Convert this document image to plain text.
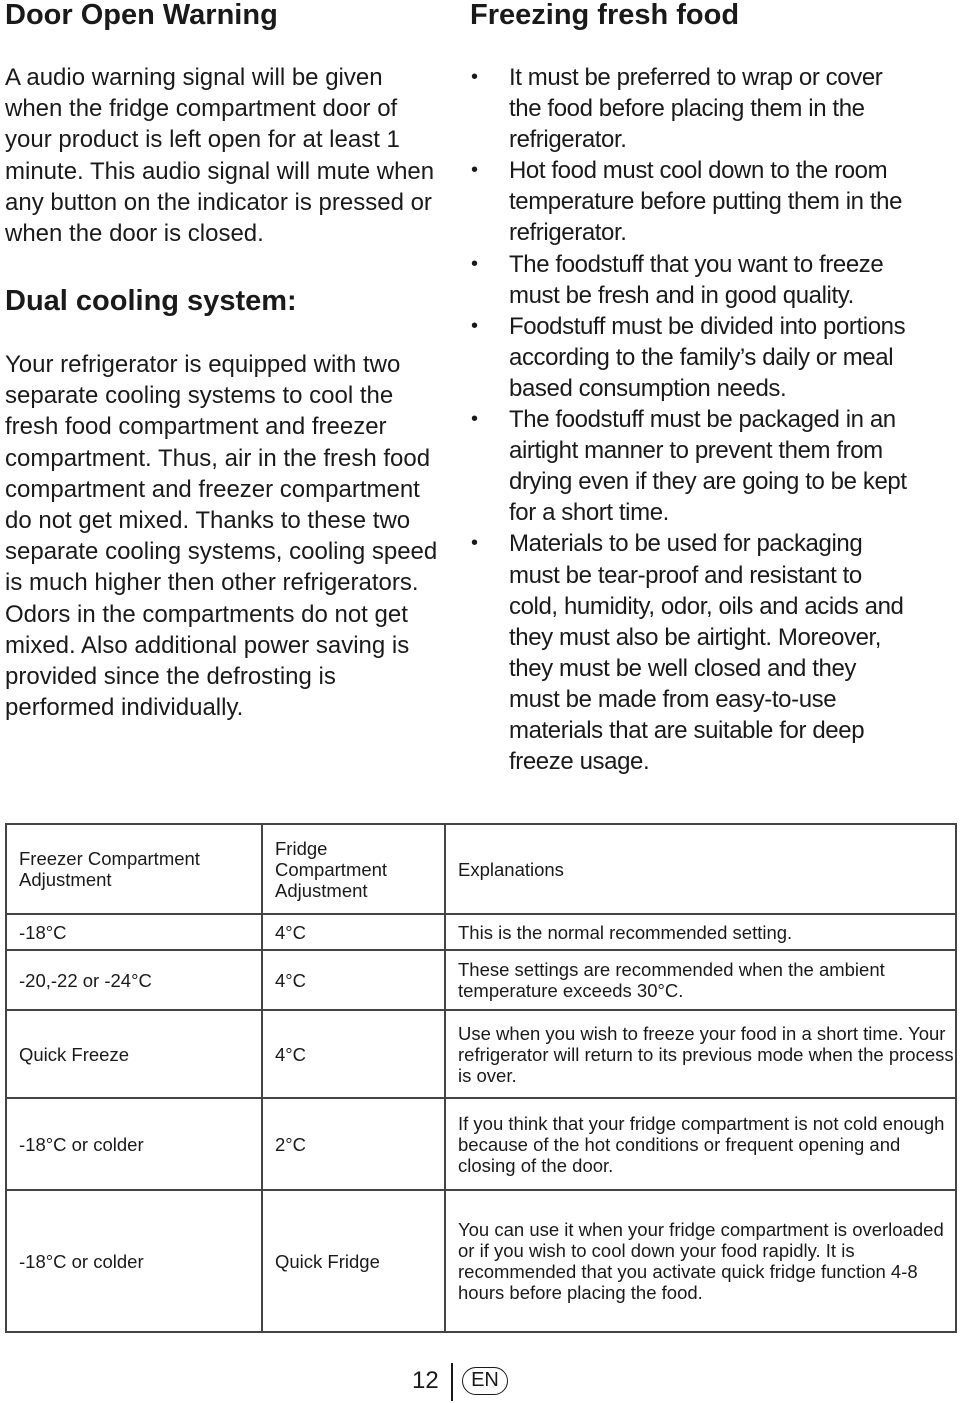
Door Open Warning

A audio warning signal will be given when the fridge compartment door of your product is left open for at least 1 minute. This audio signal will mute when any button on the indicator is pressed or when the door is closed.

Dual cooling system:

Your refrigerator is equipped with two separate cooling systems to cool the fresh food compartment and freezer compartment. Thus, air in the fresh food compartment and freezer compartment do not get mixed. Thanks to these two separate cooling systems, cooling speed is much higher then other refrigerators. Odors in the compartments do not get mixed. Also additional power saving is provided since the defrosting is performed individually.

Freezing fresh food
• It must be preferred to wrap or cover the food before placing them in the refrigerator.
• Hot food must cool down to the room temperature before putting them in the refrigerator.
• The foodstuff that you want to freeze must be fresh and in good quality.
• Foodstuff must be divided into portions according to the family’s daily or meal based consumption needs.
• The foodstuff must be packaged in an airtight manner to prevent them from drying even if they are going to be kept for a short time.
• Materials to be used for packaging must be tear-proof and resistant to cold, humidity, odor, oils and acids and they must also be airtight. Moreover, they must be well closed and they must be made from easy-to-use materials that are suitable for deep freeze usage.
Freezer Compartment Adjustment	Fridge Compartment Adjustment	Explanations
-18°C	4°C	This is the normal recommended setting.
-20,-22 or -24°C	4°C	These settings are recommended when the ambient temperature exceeds 30°C.
Quick Freeze	4°C	Use when you wish to freeze your food in a short time. Your refrigerator will return to its previous mode when the process is over.
-18°C or colder	2°C	If you think that your fridge compartment is not cold enough because of the hot conditions or frequent opening and closing of the door.
-18°C or colder	Quick Fridge	You can use it when your fridge compartment is overloaded or if you wish to cool down your food rapidly. It is recommended that you activate quick fridge function 4-8 hours before placing the food.
12	EN
